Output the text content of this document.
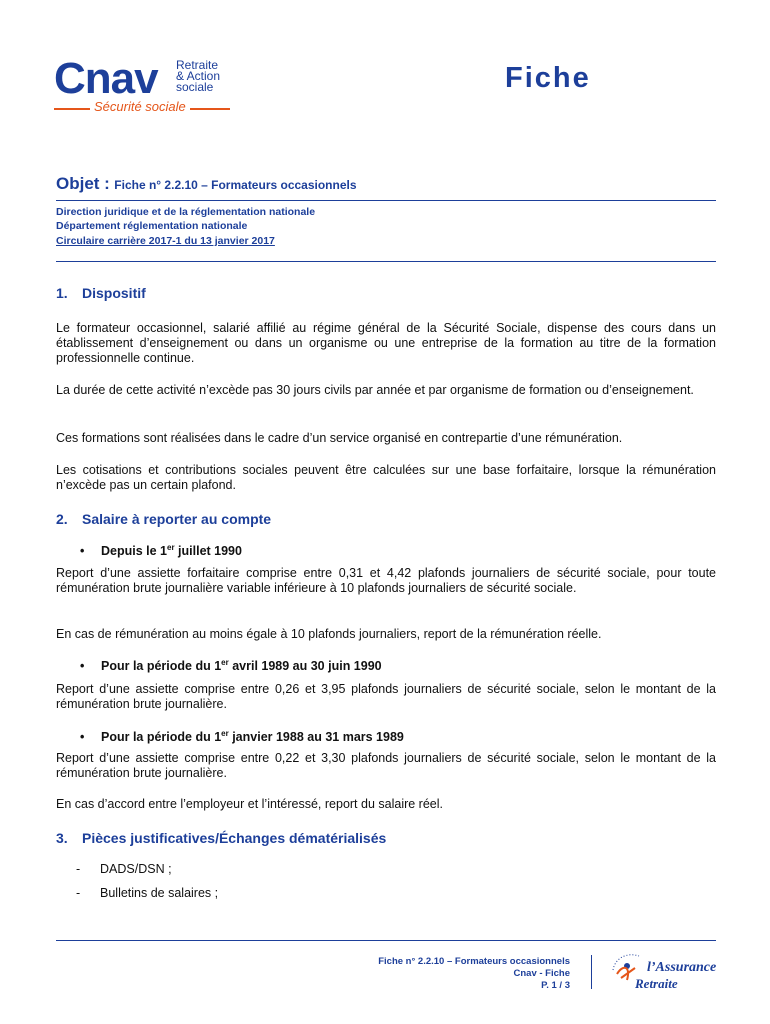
Cnav Retraite
& Action
sociale
Sécurité sociale
Fiche
Objet : Fiche n° 2.2.10 – Formateurs occasionnels
Direction juridique et de la réglementation nationale
Département réglementation nationale
Circulaire carrière 2017-1 du 13 janvier 2017
1. Dispositif
Le formateur occasionnel, salarié affilié au régime général de la Sécurité Sociale, dispense des cours dans un établissement d’enseignement ou dans un organisme ou une entreprise de la formation au titre de la formation professionnelle continue.
La durée de cette activité n’excède pas 30 jours civils par année et par organisme de formation ou d’enseignement.
Ces formations sont réalisées dans le cadre d’un service organisé en contrepartie d’une rémunération.
Les cotisations et contributions sociales peuvent être calculées sur une base forfaitaire, lorsque la rémunération n’excède pas un certain plafond.
2. Salaire à reporter au compte
• Depuis le 1er juillet 1990
Report d’une assiette forfaitaire comprise entre 0,31 et 4,42 plafonds journaliers de sécurité sociale, pour toute rémunération brute journalière variable inférieure à 10 plafonds journaliers de sécurité sociale.
En cas de rémunération au moins égale à 10 plafonds journaliers, report de la rémunération réelle.
• Pour la période du 1er avril 1989 au 30 juin 1990
Report d’une assiette comprise entre 0,26 et 3,95 plafonds journaliers de sécurité sociale, selon le montant de la rémunération brute journalière.
• Pour la période du 1er janvier 1988 au 31 mars 1989
Report d’une assiette comprise entre 0,22 et 3,30 plafonds journaliers de sécurité sociale, selon le montant de la rémunération brute journalière.
En cas d’accord entre l’employeur et l’intéressé, report du salaire réel.
3. Pièces justificatives/Échanges dématérialisés
- DADS/DSN ;
- Bulletins de salaires ;
Fiche n° 2.2.10 – Formateurs occasionnels
Cnav - Fiche
P. 1 / 3
l’Assurance
Retraite
